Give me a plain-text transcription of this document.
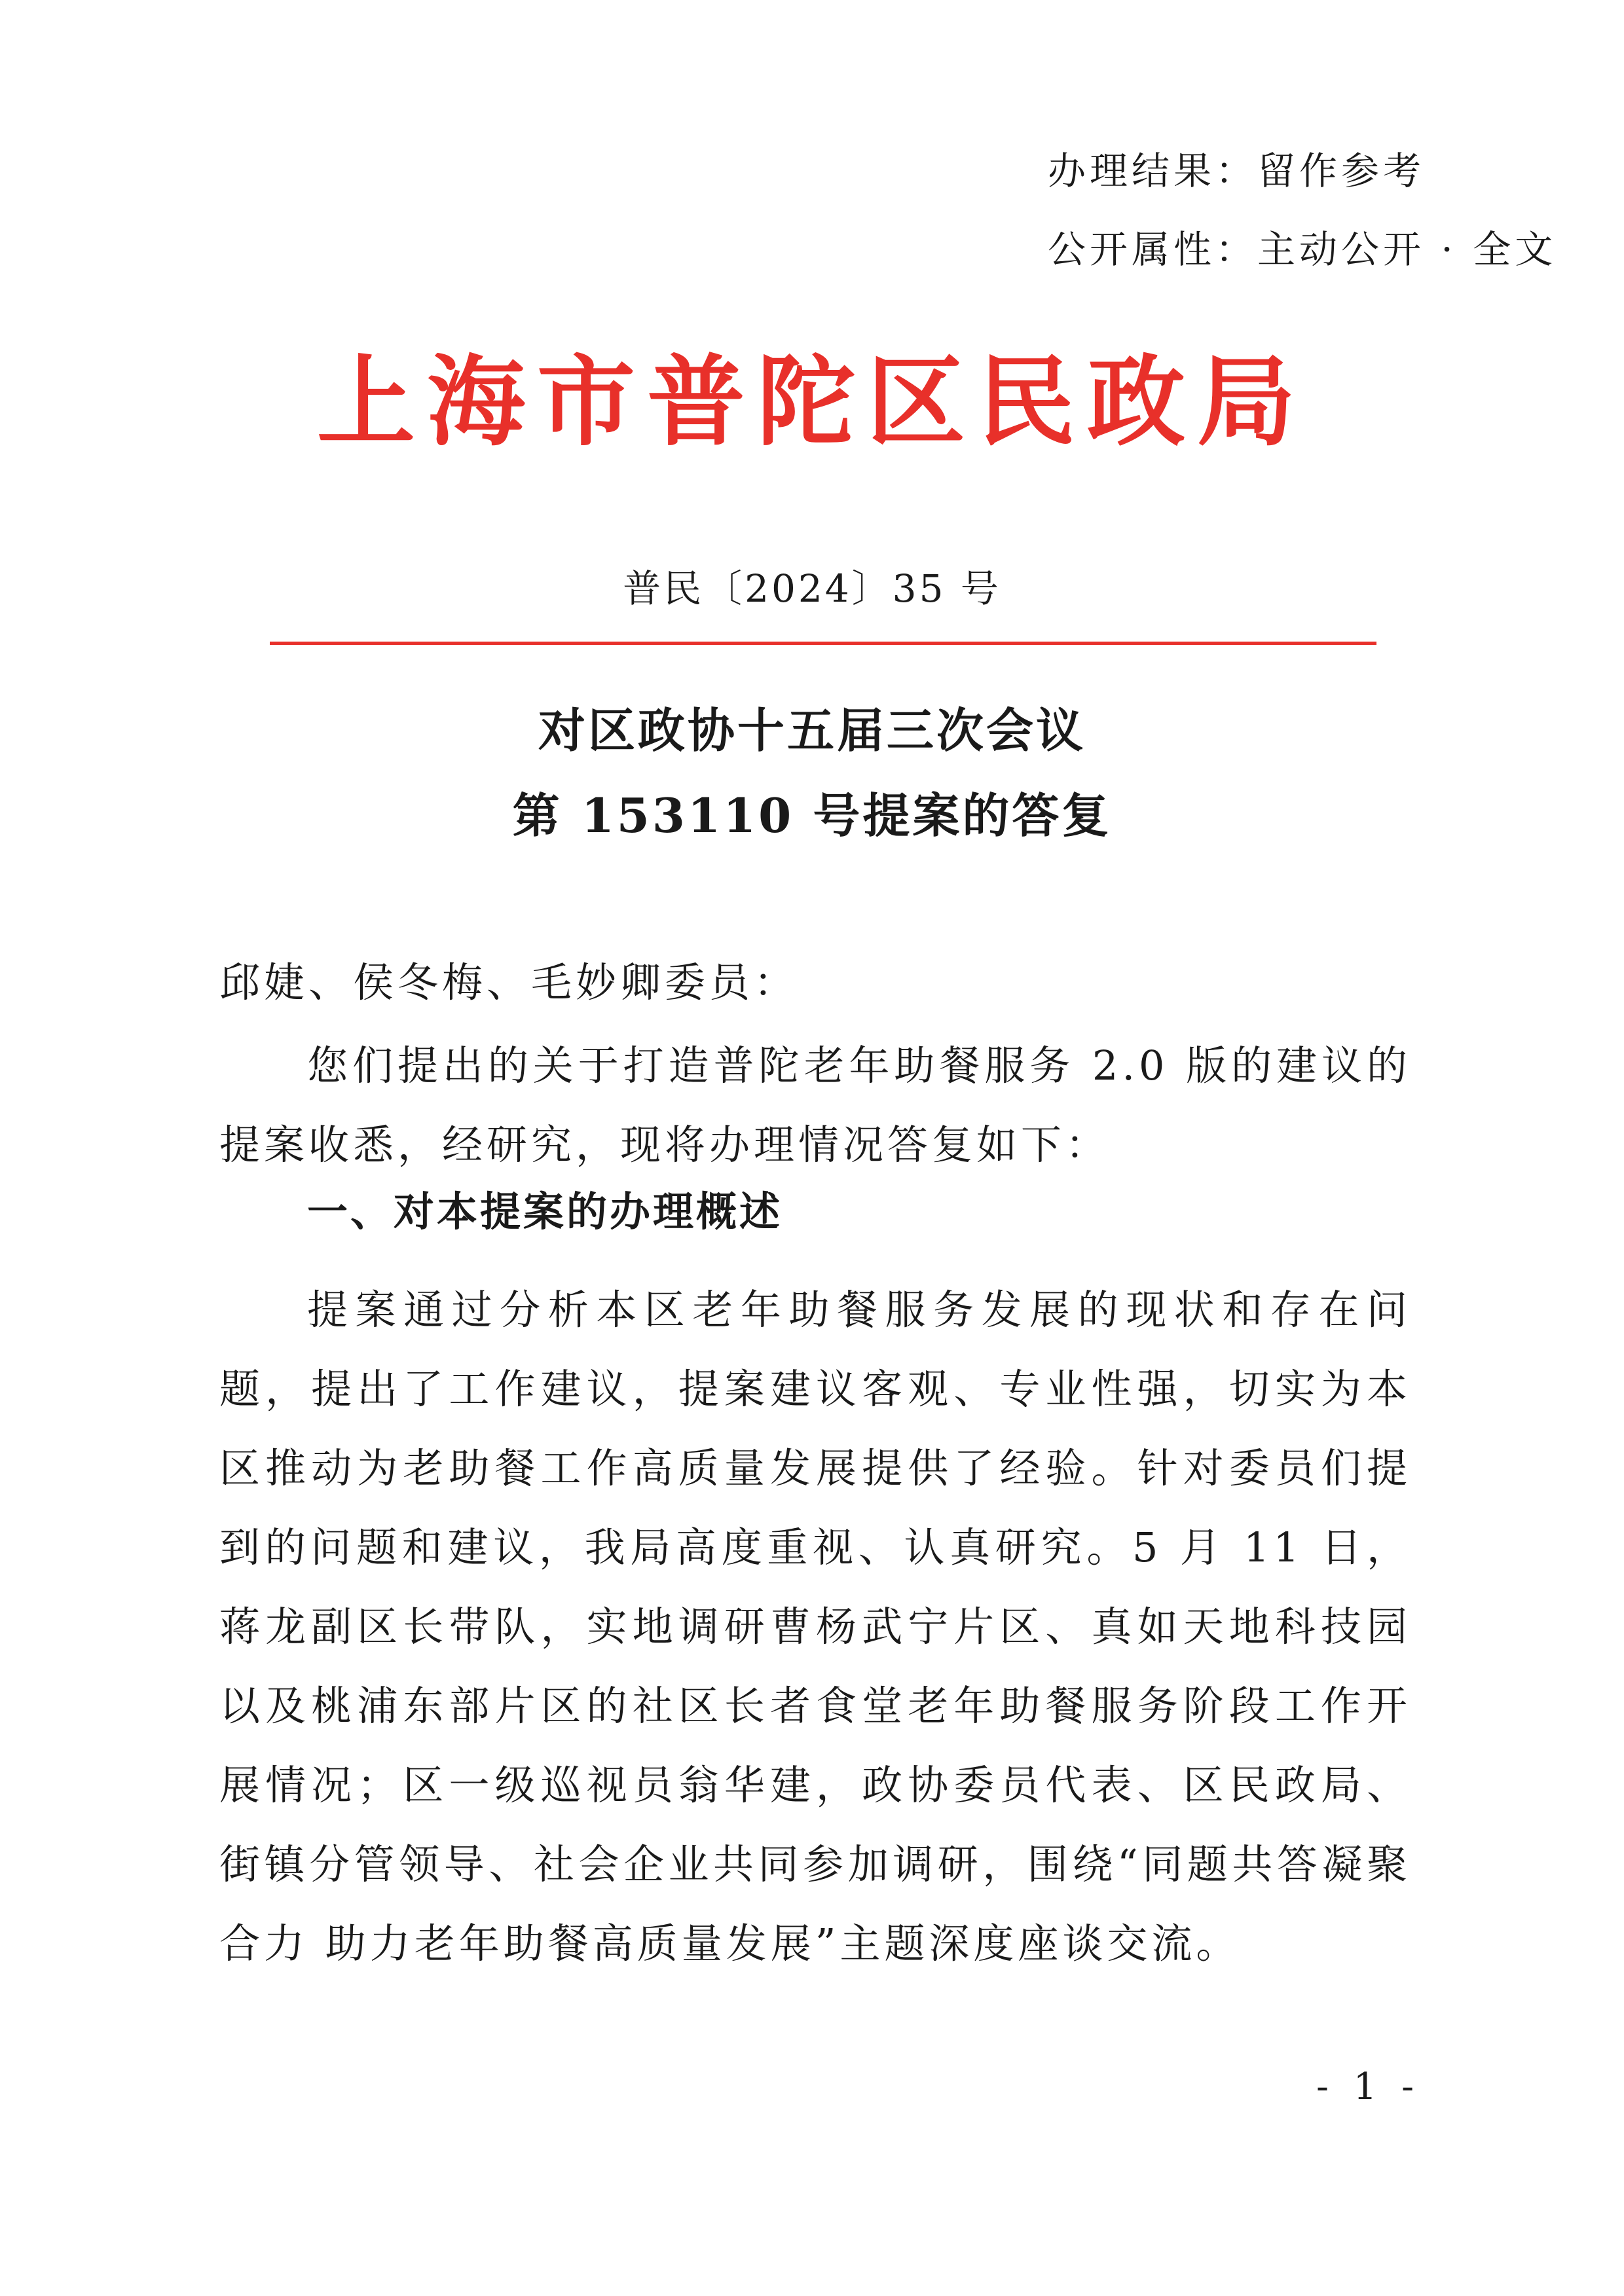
办理结果：留作参考
公开属性：主动公开 · 全文
上海市普陀区民政局
普民〔2024〕35 号
对区政协十五届三次会议
第 153110 号提案的答复
邱婕、侯冬梅、毛妙卿委员：

您们提出的关于打造普陀老年助餐服务 2.0 版的建议的提案收悉，经研究，现将办理情况答复如下：

一、对本提案的办理概述

提案通过分析本区老年助餐服务发展的现状和存在问题，提出了工作建议，提案建议客观、专业性强，切实为本区推动为老助餐工作高质量发展提供了经验。针对委员们提到的问题和建议，我局高度重视、认真研究。5 月 11 日，蒋龙副区长带队，实地调研曹杨武宁片区、真如天地科技园以及桃浦东部片区的社区长者食堂老年助餐服务阶段工作开展情况；区一级巡视员翁华建，政协委员代表、区民政局、街镇分管领导、社会企业共同参加调研，围绕“同题共答凝聚合力 助力老年助餐高质量发展”主题深度座谈交流。

- 1 -
